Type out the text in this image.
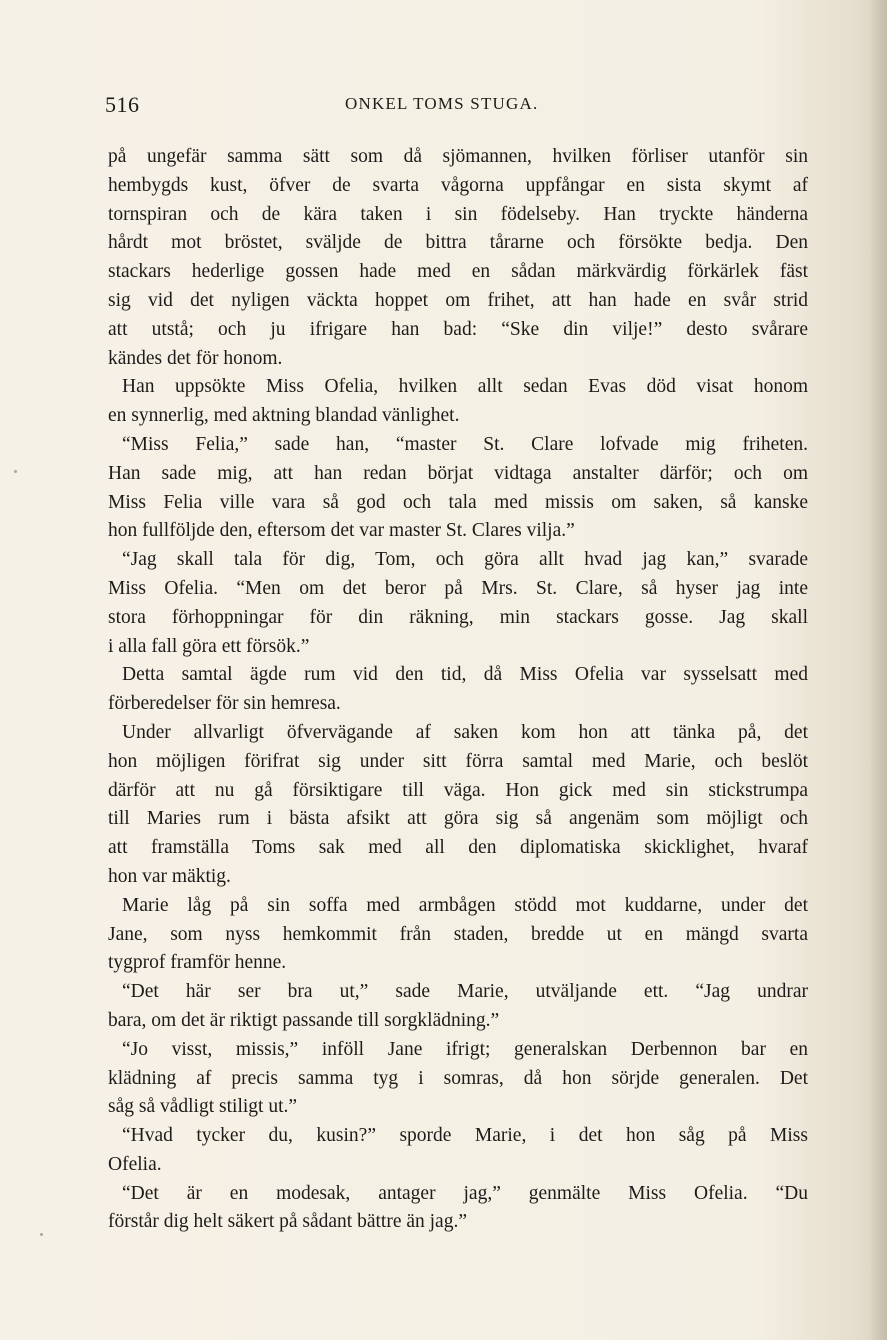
516	ONKEL TOMS STUGA.
på ungefär samma sätt som då sjömannen, hvilken förliser utanför sin
hembygds kust, öfver de svarta vågorna uppfångar en sista skymt af
tornspiran och de kära taken i sin födelseby. Han tryckte händerna
hårdt mot bröstet, sväljde de bittra tårarne och försökte bedja. Den
stackars hederlige gossen hade med en sådan märkvärdig förkärlek fäst
sig vid det nyligen väckta hoppet om frihet, att han hade en svår strid
att utstå; och ju ifrigare han bad: “Ske din vilje!” desto svårare
kändes det för honom.
Han uppsökte Miss Ofelia, hvilken allt sedan Evas död visat honom
en synnerlig, med aktning blandad vänlighet.
“Miss Felia,” sade han, “master St. Clare lofvade mig friheten.
Han sade mig, att han redan börjat vidtaga anstalter därför; och om
Miss Felia ville vara så god och tala med missis om saken, så kanske
hon fullföljde den, eftersom det var master St. Clares vilja.”
“Jag skall tala för dig, Tom, och göra allt hvad jag kan,” svarade
Miss Ofelia. “Men om det beror på Mrs. St. Clare, så hyser jag inte
stora förhoppningar för din räkning, min stackars gosse. Jag skall
i alla fall göra ett försök.”
Detta samtal ägde rum vid den tid, då Miss Ofelia var sysselsatt med
förberedelser för sin hemresa.
Under allvarligt öfvervägande af saken kom hon att tänka på, det
hon möjligen förifrat sig under sitt förra samtal med Marie, och beslöt
därför att nu gå försiktigare till väga. Hon gick med sin stickstrumpa
till Maries rum i bästa afsikt att göra sig så angenäm som möjligt och
att framställa Toms sak med all den diplomatiska skicklighet, hvaraf
hon var mäktig.
Marie låg på sin soffa med armbågen stödd mot kuddarne, under det
Jane, som nyss hemkommit från staden, bredde ut en mängd svarta
tygprof framför henne.
“Det här ser bra ut,” sade Marie, utväljande ett. “Jag undrar
bara, om det är riktigt passande till sorgklädning.”
“Jo visst, missis,” inföll Jane ifrigt; generalskan Derbennon bar en
klädning af precis samma tyg i somras, då hon sörjde generalen. Det
såg så vådligt stiligt ut.”
“Hvad tycker du, kusin?” sporde Marie, i det hon såg på Miss
Ofelia.
“Det är en modesak, antager jag,” genmälte Miss Ofelia. “Du
förstår dig helt säkert på sådant bättre än jag.”
